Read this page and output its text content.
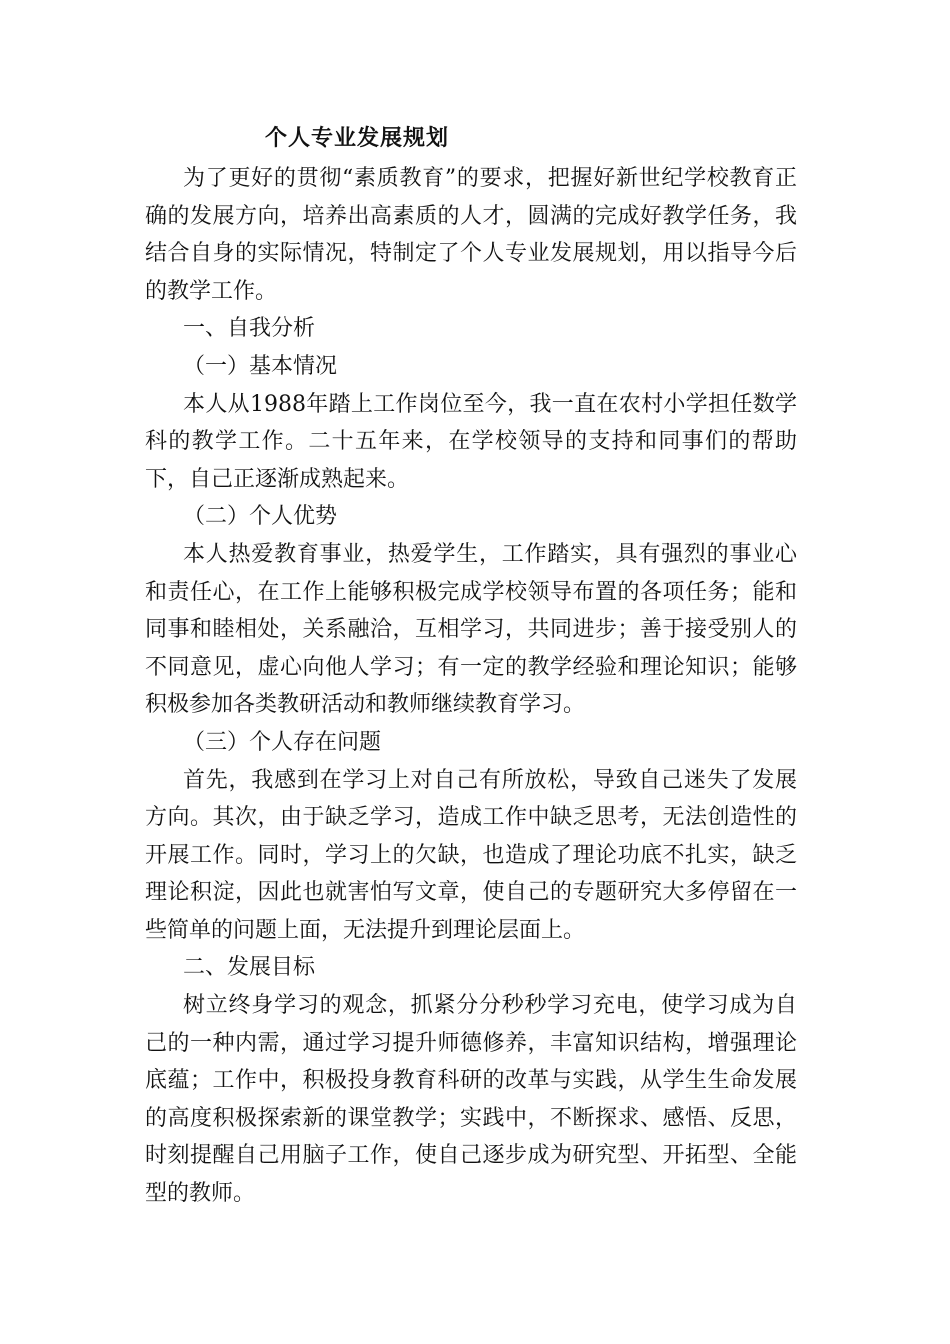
个人专业发展规划

为了更好的贯彻“素质教育”的要求，把握好新世纪学校教育正确的发展方向，培养出高素质的人才，圆满的完成好教学任务，我结合自身的实际情况，特制定了个人专业发展规划，用以指导今后的教学工作。

一、自我分析

（一）基本情况

本人从1988年踏上工作岗位至今，我一直在农村小学担任数学科的教学工作。二十五年来，在学校领导的支持和同事们的帮助下，自己正逐渐成熟起来。

（二）个人优势

本人热爱教育事业，热爱学生，工作踏实，具有强烈的事业心和责任心，在工作上能够积极完成学校领导布置的各项任务；能和同事和睦相处，关系融洽，互相学习，共同进步；善于接受别人的不同意见，虚心向他人学习；有一定的教学经验和理论知识；能够积极参加各类教研活动和教师继续教育学习。

（三）个人存在问题

首先，我感到在学习上对自己有所放松，导致自己迷失了发展方向。其次，由于缺乏学习，造成工作中缺乏思考，无法创造性的开展工作。同时，学习上的欠缺，也造成了理论功底不扎实，缺乏理论积淀，因此也就害怕写文章，使自己的专题研究大多停留在一些简单的问题上面，无法提升到理论层面上。

二、发展目标

树立终身学习的观念，抓紧分分秒秒学习充电，使学习成为自己的一种内需，通过学习提升师德修养，丰富知识结构，增强理论底蕴；工作中，积极投身教育科研的改革与实践，从学生生命发展的高度积极探索新的课堂教学；实践中，不断探求、感悟、反思，时刻提醒自己用脑子工作，使自己逐步成为研究型、开拓型、全能型的教师。
